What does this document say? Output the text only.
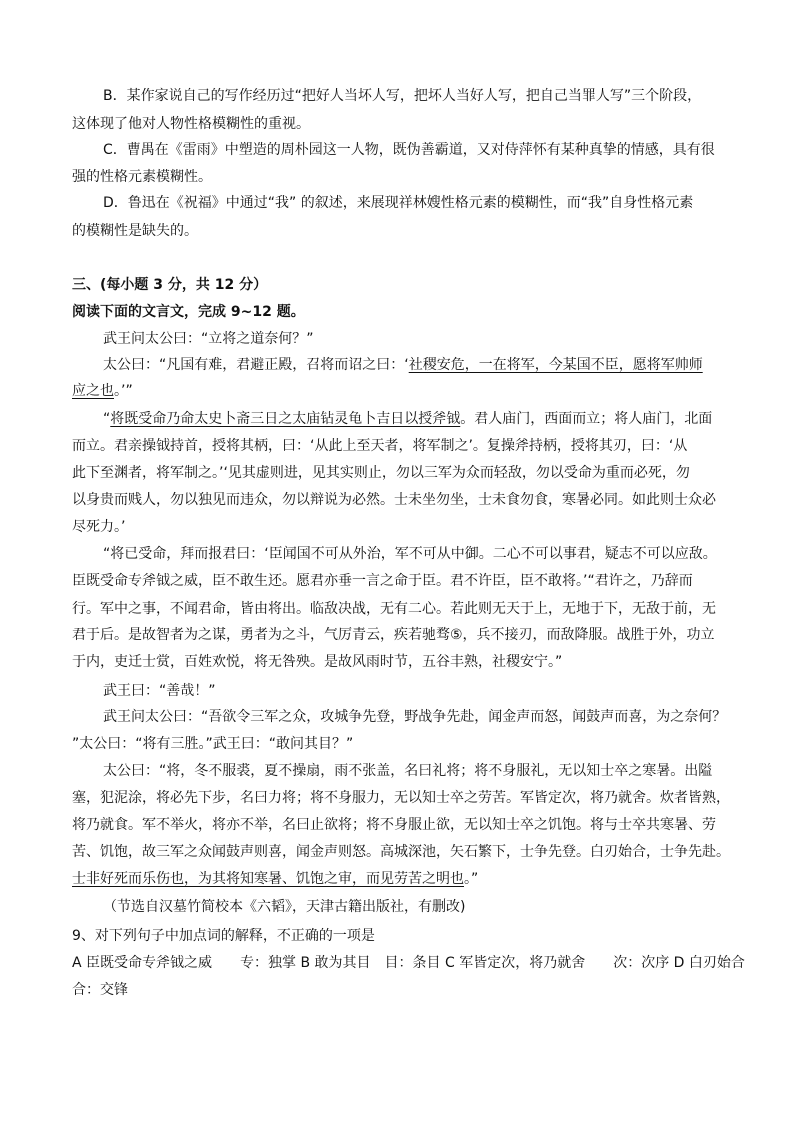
B．某作家说自己的写作经历过“把好人当坏人写，把坏人当好人写，把自己当罪人写”三个阶段，
这体现了他对人物性格模糊性的重视。
C．曹禺在《雷雨》中塑造的周朴园这一人物，既伪善霸道，又对侍萍怀有某种真挚的情感，具有很
强的性格元素模糊性。
D．鲁迅在《祝福》中通过“我” 的叙述，来展现祥林嫂性格元素的模糊性，而“我”自身性格元素
的模糊性是缺失的。
三、(每小题 3 分，共 12 分）
阅读下面的文言文，完成 9~12 题。
武王问太公曰：“立将之道奈何？”
太公曰：“凡国有难，君避正殿，召将而诏之曰：‘社稷安危，一在将军，今某国不臣，愿将军帅师
应之也。’”
“将既受命乃命太史卜斋三日之太庙钻灵龟卜吉日以授斧钺。君人庙门，西面而立；将人庙门，北面
而立。君亲操钺持首，授将其柄，曰：‘从此上至天者，将军制之’。复操斧持柄，授将其刃，曰：‘从
此下至渊者，将军制之。’‘见其虚则进，见其实则止，勿以三军为众而轻敌，勿以受命为重而必死，勿
以身贵而贱人，勿以独见而违众，勿以辩说为必然。士未坐勿坐，士未食勿食，寒暑必同。如此则士众必
尽死力。’
“将已受命，拜而报君曰：‘臣闻国不可从外治，军不可从中御。二心不可以事君，疑志不可以应敌。
臣既受命专斧钺之威，臣不敢生还。愿君亦垂一言之命于臣。君不许臣，臣不敢将。’“君许之，乃辞而
行。军中之事，不闻君命，皆由将出。临敌决战，无有二心。若此则无天于上，无地于下，无敌于前，无
君于后。是故智者为之谋，勇者为之斗，气厉青云，疾若驰骛⑤，兵不接刃，而敌降服。战胜于外，功立
于内，吏迁士赏，百姓欢悦，将无咎殃。是故风雨时节，五谷丰熟，社稷安宁。”
武王曰：“善哉！”
武王问太公曰：“吾欲令三军之众，攻城争先登，野战争先赴，闻金声而怒，闻鼓声而喜，为之奈何？
”太公曰：“将有三胜。”武王曰：“敢问其目？”
太公曰：“将，冬不服裘，夏不操扇，雨不张盖，名曰礼将；将不身服礼，无以知士卒之寒暑。出隘
塞，犯泥涂，将必先下步，名曰力将；将不身服力，无以知士卒之劳苦。军皆定次，将乃就舍。炊者皆熟，
将乃就食。军不举火，将亦不举，名曰止欲将；将不身服止欲，无以知士卒之饥饱。将与士卒共寒暑、劳
苦、饥饱，故三军之众闻鼓声则喜，闻金声则怒。高城深池，矢石繁下，士争先登。白刃始合，士争先赴。
士非好死而乐伤也，为其将知寒暑、饥饱之审，而见劳苦之明也。”
（节选自汉墓竹简校本《六韬》，天津古籍出版社，有删改)
9、对下列句子中加点词的解释，不正确的一项是
A 臣既受命专斧钺之威　　专：独掌 B 敢为其目　目：条目 C 军皆定次，将乃就舍　　次：次序 D 白刃始合
合：交锋
